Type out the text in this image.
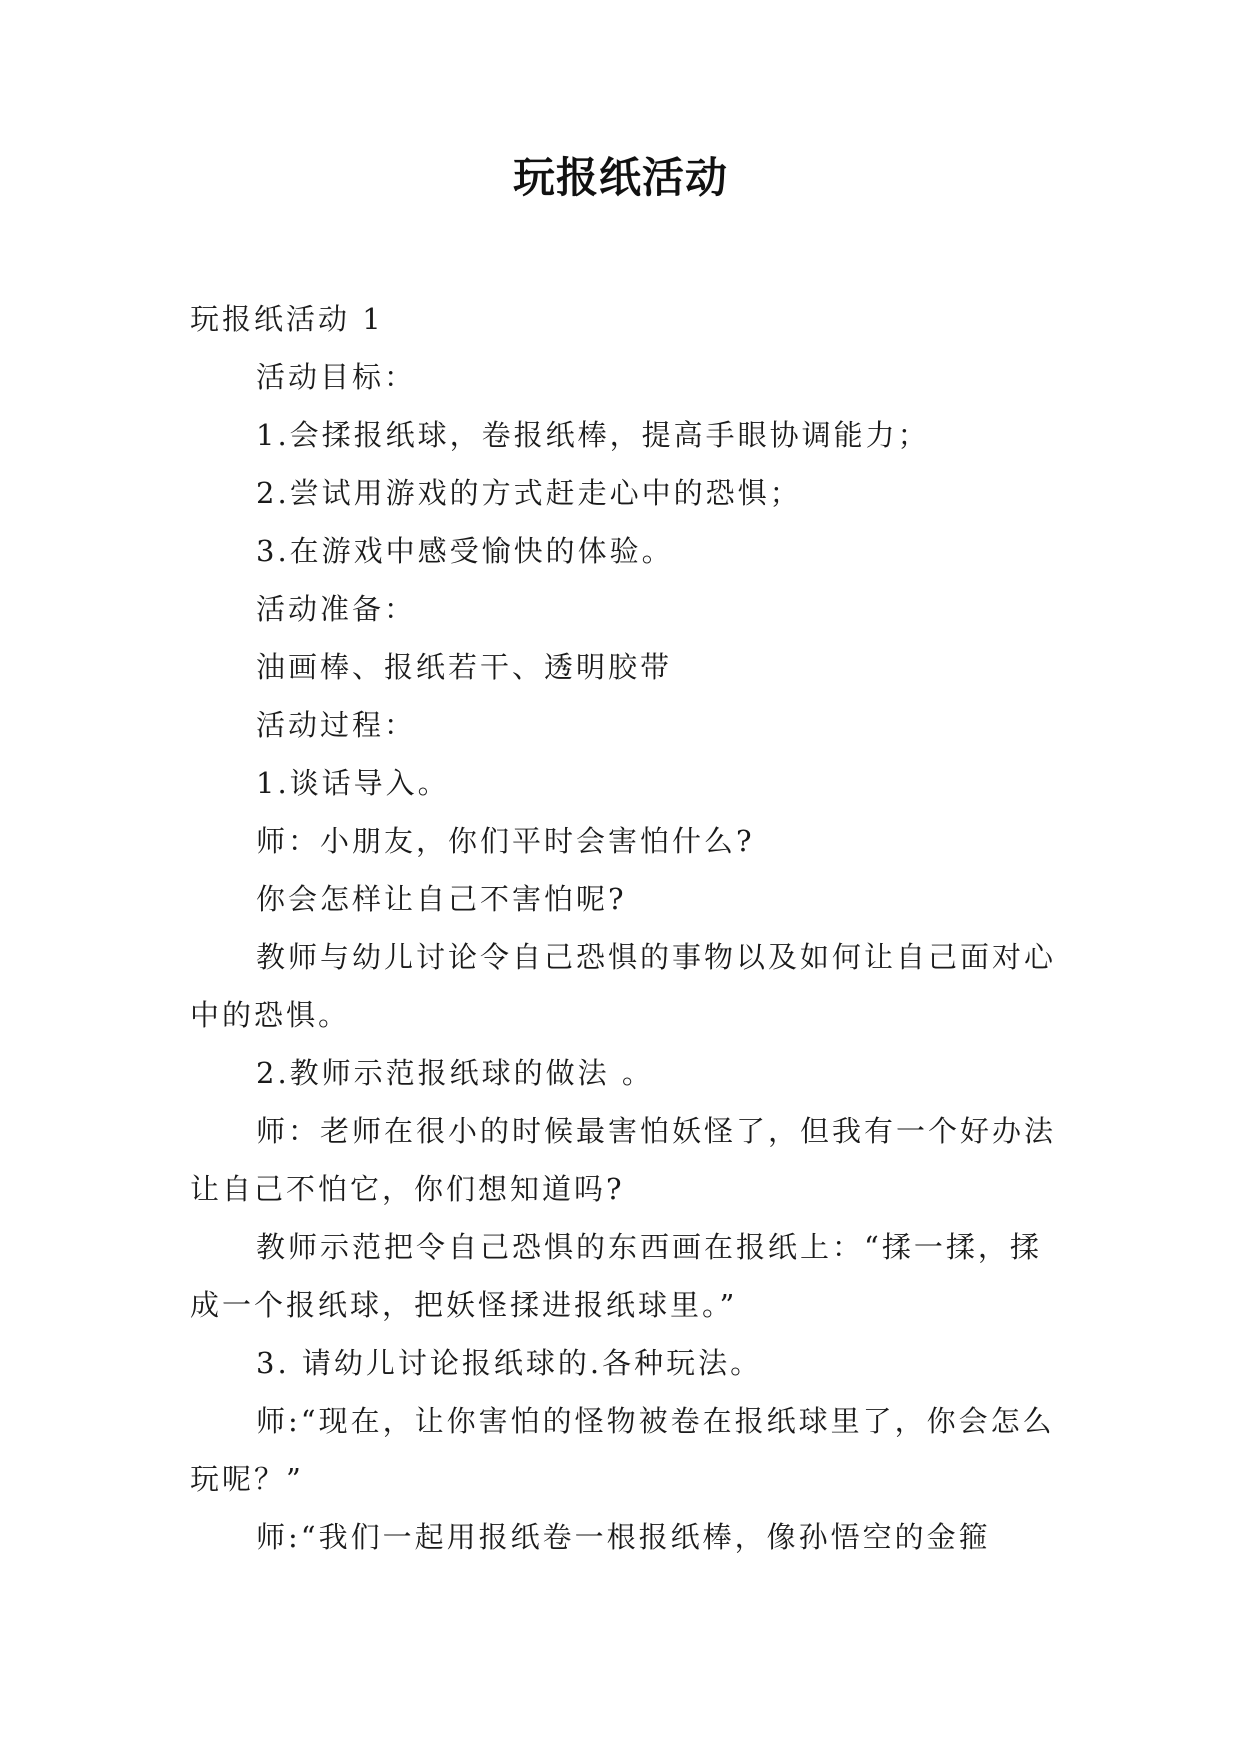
玩报纸活动

玩报纸活动 1

活动目标：

1.会揉报纸球，卷报纸棒，提高手眼协调能力；

2.尝试用游戏的方式赶走心中的恐惧；

3.在游戏中感受愉快的体验。

活动准备：

油画棒、报纸若干、透明胶带

活动过程：

1.谈话导入。

师：小朋友，你们平时会害怕什么?

你会怎样让自己不害怕呢?

教师与幼儿讨论令自己恐惧的事物以及如何让自己面对心中的恐惧。

2.教师示范报纸球的做法 。

师：老师在很小的时候最害怕妖怪了，但我有一个好办法让自己不怕它，你们想知道吗?

教师示范把令自己恐惧的东西画在报纸上：“揉一揉，揉成一个报纸球，把妖怪揉进报纸球里。”

3. 请幼儿讨论报纸球的.各种玩法。

师:“现在，让你害怕的怪物被卷在报纸球里了，你会怎么玩呢？”

师:“我们一起用报纸卷一根报纸棒，像孙悟空的金箍
